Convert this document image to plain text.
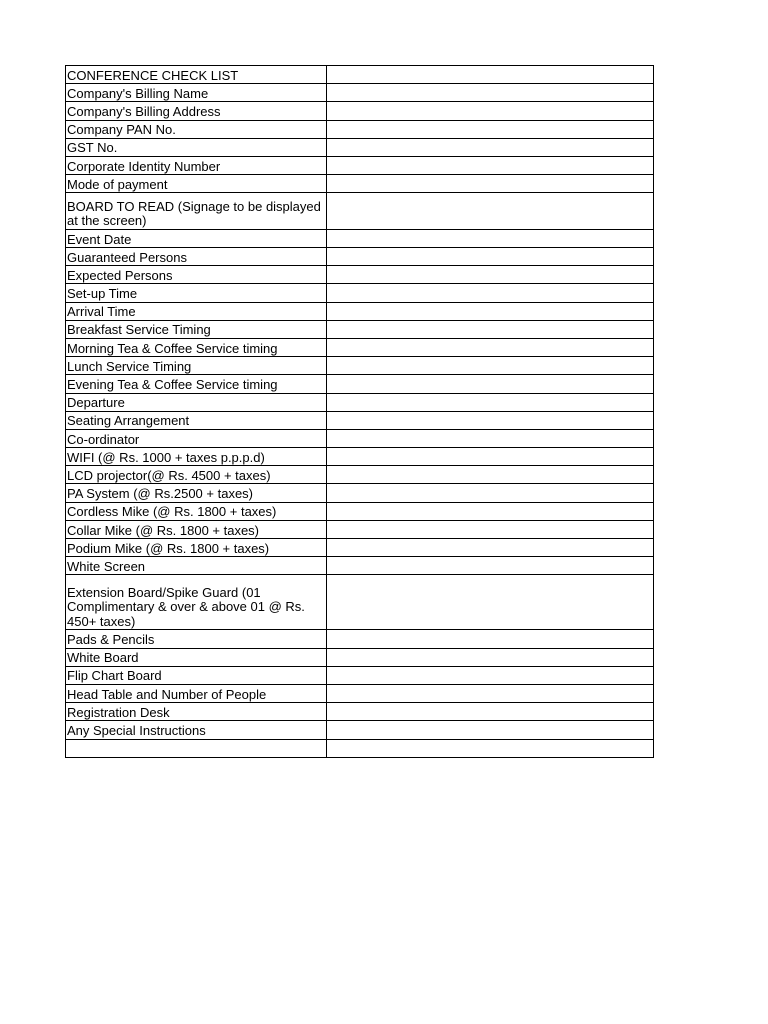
CONFERENCE CHECK LIST	
Company's Billing Name	
Company's Billing Address	
Company PAN No.	
GST No.	
Corporate Identity Number	
Mode of payment	
BOARD TO READ (Signage to be displayed at the screen)	
Event Date	
Guaranteed Persons	
Expected Persons	
Set-up Time	
Arrival Time	
Breakfast Service Timing	
Morning Tea & Coffee Service timing	
Lunch Service Timing	
Evening Tea & Coffee Service timing	
Departure	
Seating Arrangement	
Co-ordinator	
WIFI (@ Rs. 1000 + taxes p.p.p.d)	
LCD projector(@ Rs. 4500 + taxes)	
PA System (@ Rs.2500 + taxes)	
Cordless Mike (@ Rs. 1800 + taxes)	
Collar Mike (@ Rs. 1800 + taxes)	
Podium Mike (@ Rs. 1800 + taxes)	
White Screen	
Extension Board/Spike Guard (01 Complimentary & over & above 01 @ Rs. 450+ taxes)	
Pads & Pencils	
White Board	
Flip Chart Board	
Head Table and Number of People	
Registration Desk	
Any Special Instructions	
